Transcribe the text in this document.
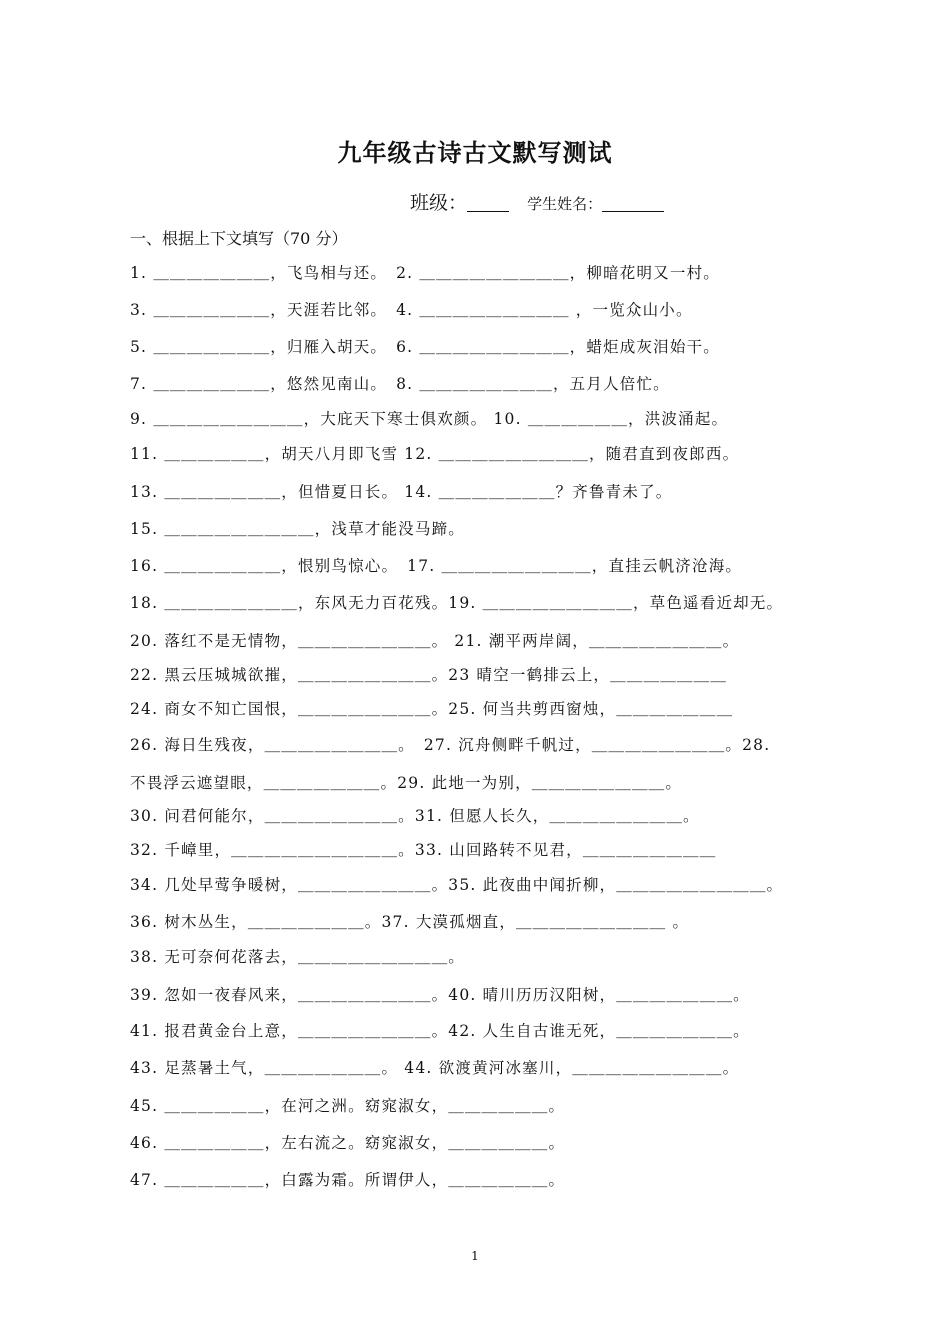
九年级古诗古文默写测试
班级：	学生姓名：
一、根据上下文填写（70 分）
1. ＿＿＿＿＿＿＿，飞鸟相与还。　2. ＿＿＿＿＿＿＿＿＿，柳暗花明又一村。
3. ＿＿＿＿＿＿＿，天涯若比邻。　4. ＿＿＿＿＿＿＿＿＿ ，一览众山小。
5. ＿＿＿＿＿＿＿，归雁入胡天。　6. ＿＿＿＿＿＿＿＿＿，蜡炬成灰泪始干。
7. ＿＿＿＿＿＿＿，悠然见南山。　8. ＿＿＿＿＿＿＿＿，五月人倍忙。
9. ＿＿＿＿＿＿＿＿＿，大庇天下寒士俱欢颜。 10. ＿＿＿＿＿＿，洪波涌起。
11. ＿＿＿＿＿＿，胡天八月即飞雪 12. ＿＿＿＿＿＿＿＿＿，随君直到夜郎西。
13. ＿＿＿＿＿＿＿，但惜夏日长。 14. ＿＿＿＿＿＿＿？齐鲁青未了。
15. ＿＿＿＿＿＿＿＿＿，浅草才能没马蹄。
16. ＿＿＿＿＿＿＿，恨别鸟惊心。　17. ＿＿＿＿＿＿＿＿＿，直挂云帆济沧海。
18. ＿＿＿＿＿＿＿＿，东风无力百花残。19. ＿＿＿＿＿＿＿＿＿，草色遥看近却无。
20. 落红不是无情物，＿＿＿＿＿＿＿＿。 21. 潮平两岸阔，＿＿＿＿＿＿＿＿。
22. 黑云压城城欲摧，＿＿＿＿＿＿＿＿。23 晴空一鹤排云上，＿＿＿＿＿＿＿
24. 商女不知亡国恨，＿＿＿＿＿＿＿＿。25. 何当共剪西窗烛，＿＿＿＿＿＿＿
26. 海日生残夜，＿＿＿＿＿＿＿＿。　27. 沉舟侧畔千帆过，＿＿＿＿＿＿＿＿。28.
不畏浮云遮望眼，＿＿＿＿＿＿＿。29. 此地一为别，＿＿＿＿＿＿＿＿。
30. 问君何能尔，＿＿＿＿＿＿＿＿。31. 但愿人长久，＿＿＿＿＿＿＿＿。
32. 千嶂里，＿＿＿＿＿＿＿＿＿＿。33. 山回路转不见君，＿＿＿＿＿＿＿＿
34. 几处早莺争暖树，＿＿＿＿＿＿＿＿。35. 此夜曲中闻折柳，＿＿＿＿＿＿＿＿＿。
36. 树木丛生，＿＿＿＿＿＿＿。37. 大漠孤烟直，＿＿＿＿＿＿＿＿＿ 。
38. 无可奈何花落去，＿＿＿＿＿＿＿＿＿。
39. 忽如一夜春风来，＿＿＿＿＿＿＿＿。40. 晴川历历汉阳树，＿＿＿＿＿＿＿。
41. 报君黄金台上意，＿＿＿＿＿＿＿＿。42. 人生自古谁无死，＿＿＿＿＿＿＿。
43. 足蒸暑土气，＿＿＿＿＿＿＿。 44. 欲渡黄河冰塞川，＿＿＿＿＿＿＿＿＿。
45. ＿＿＿＿＿＿，在河之洲。窈窕淑女，＿＿＿＿＿＿。
46. ＿＿＿＿＿＿，左右流之。窈窕淑女，＿＿＿＿＿＿。
47. ＿＿＿＿＿＿，白露为霜。所谓伊人，＿＿＿＿＿＿。
1
